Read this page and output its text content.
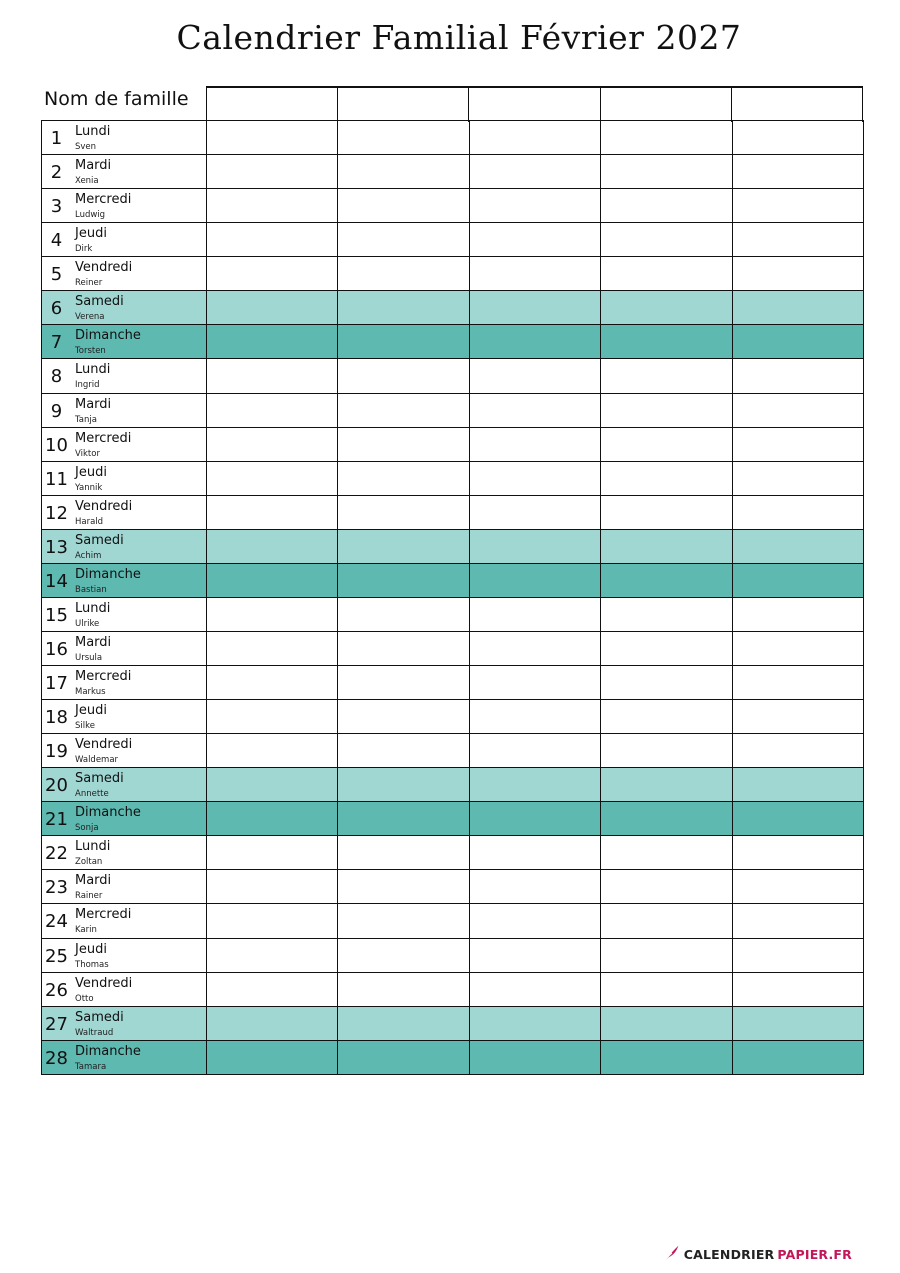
Calendrier Familial Février 2027
Nom de famille
1 Lundi
Sven
2 Mardi
Xenia
3 Mercredi
Ludwig
4 Jeudi
Dirk
5 Vendredi
Reiner
6 Samedi
Verena
7 Dimanche
Torsten
8 Lundi
Ingrid
9 Mardi
Tanja
10 Mercredi
Viktor
11 Jeudi
Yannik
12 Vendredi
Harald
13 Samedi
Achim
14 Dimanche
Bastian
15 Lundi
Ulrike
16 Mardi
Ursula
17 Mercredi
Markus
18 Jeudi
Silke
19 Vendredi
Waldemar
20 Samedi
Annette
21 Dimanche
Sonja
22 Lundi
Zoltan
23 Mardi
Rainer
24 Mercredi
Karin
25 Jeudi
Thomas
26 Vendredi
Otto
27 Samedi
Waltraud
28 Dimanche
Tamara
CALENDRIER PAPIER.FR
